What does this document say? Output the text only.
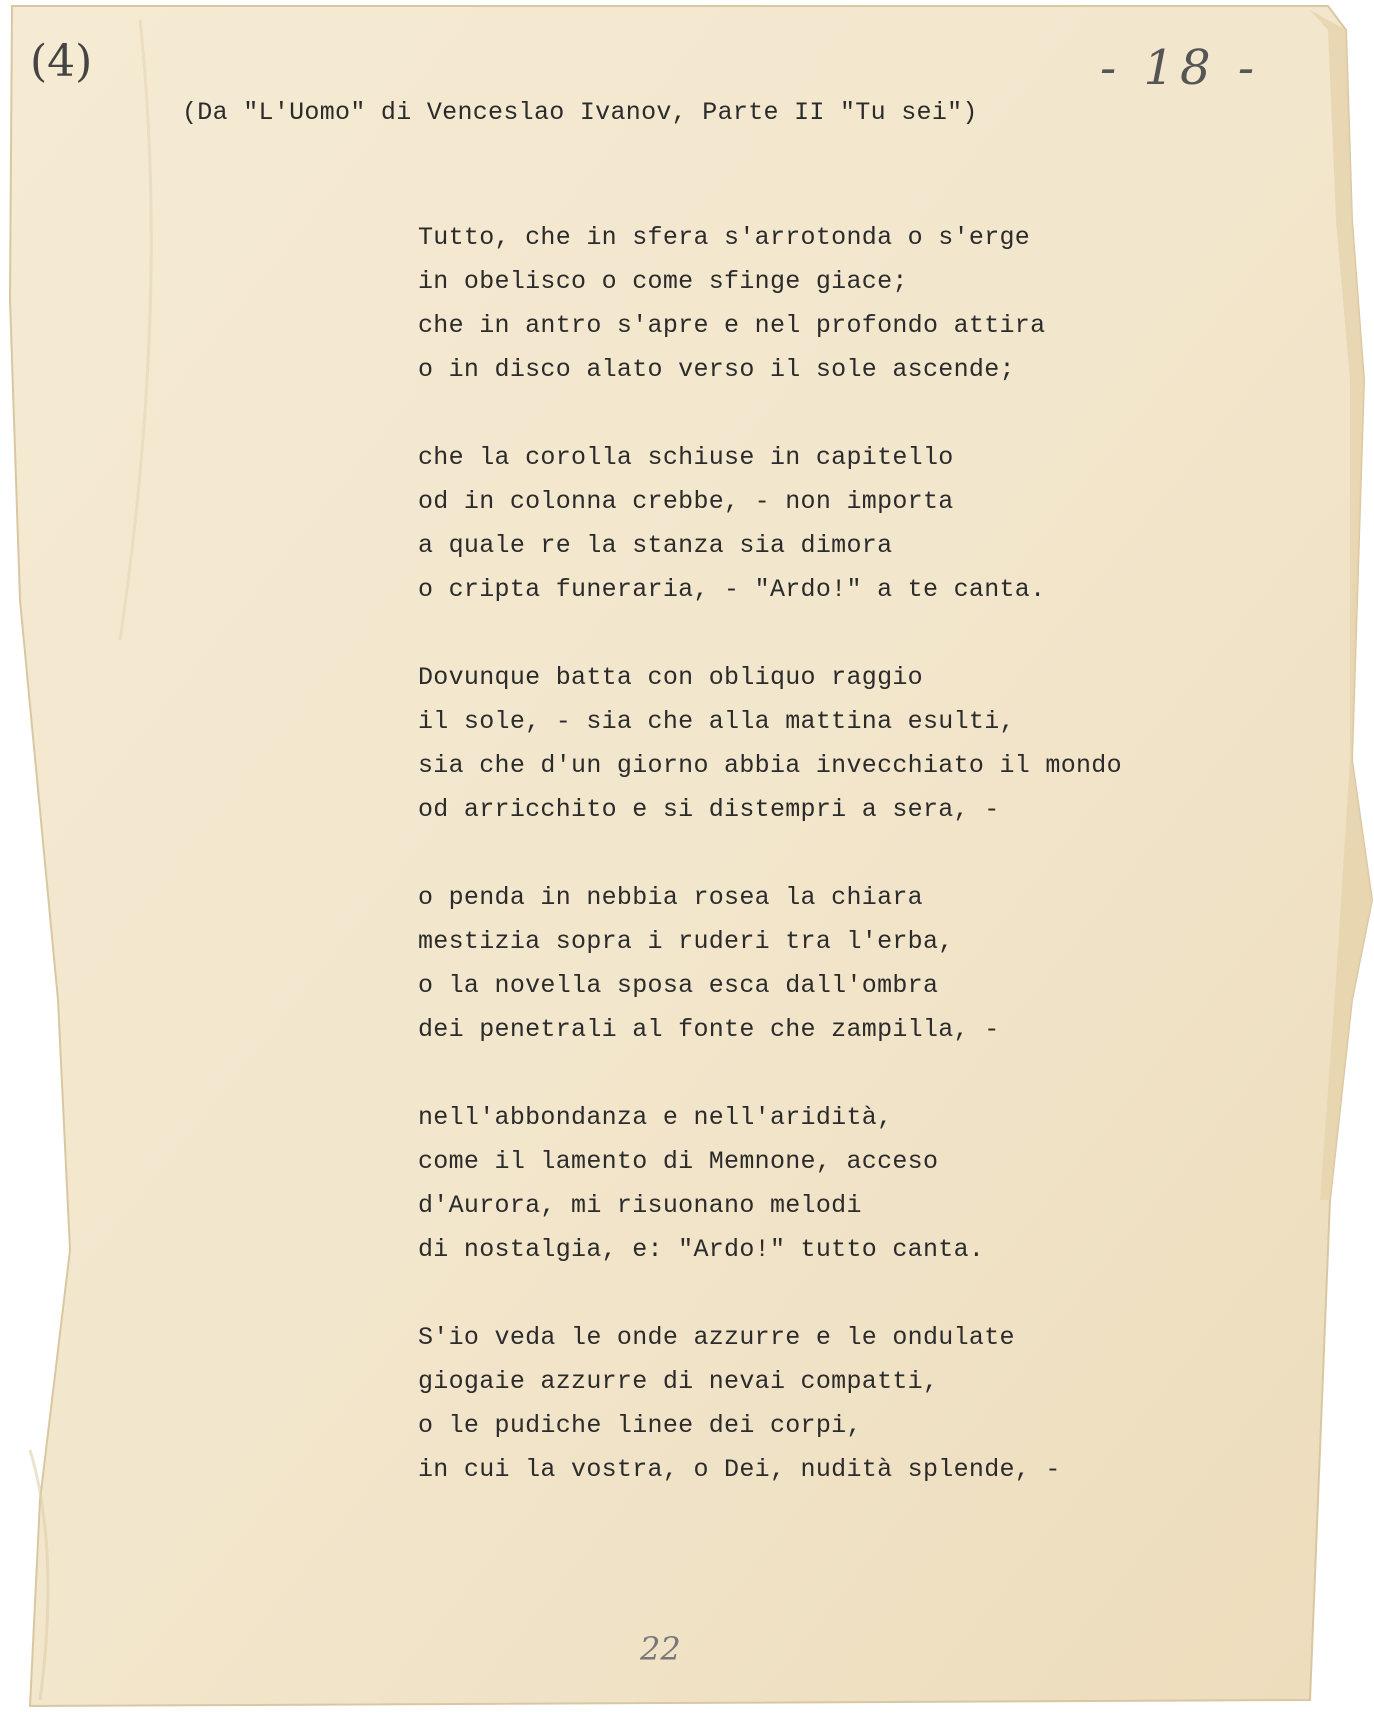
(4)	- 18 -
22
(Da "L'Uomo" di Venceslao Ivanov, Parte II "Tu sei")
Tutto, che in sfera s'arrotonda o s'erge
in obelisco o come sfinge giace;
che in antro s'apre e nel profondo attira
o in disco alato verso il sole ascende;
che la corolla schiuse in capitello
od in colonna crebbe, - non importa
a quale re la stanza sia dimora
o cripta funeraria, - "Ardo!" a te canta.
Dovunque batta con obliquo raggio
il sole, - sia che alla mattina esulti,
sia che d'un giorno abbia invecchiato il mondo
od arricchito e si distempri a sera, -
o penda in nebbia rosea la chiara
mestizia sopra i ruderi tra l'erba,
o la novella sposa esca dall'ombra
dei penetrali al fonte che zampilla, -
nell'abbondanza e nell'aridità,
come il lamento di Memnone, acceso
d'Aurora, mi risuonano melodi
di nostalgia, e: "Ardo!" tutto canta.
S'io veda le onde azzurre e le ondulate
giogaie azzurre di nevai compatti,
o le pudiche linee dei corpi,
in cui la vostra, o Dei, nudità splende, -
